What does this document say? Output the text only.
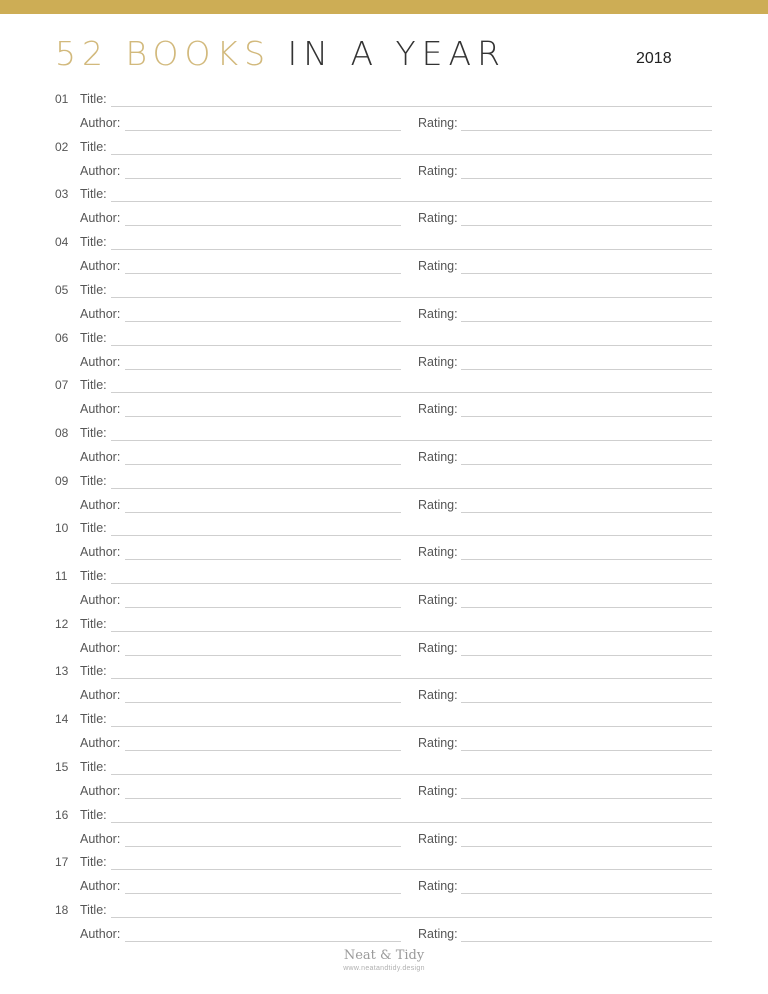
52 BOOKS IN A YEAR	2018
01 Title:
Author:	Rating:
02 Title:
Author:	Rating:
03 Title:
Author:	Rating:
04 Title:
Author:	Rating:
05 Title:
Author:	Rating:
06 Title:
Author:	Rating:
07 Title:
Author:	Rating:
08 Title:
Author:	Rating:
09 Title:
Author:	Rating:
10 Title:
Author:	Rating:
11 Title:
Author:	Rating:
12 Title:
Author:	Rating:
13 Title:
Author:	Rating:
14 Title:
Author:	Rating:
15 Title:
Author:	Rating:
16 Title:
Author:	Rating:
17 Title:
Author:	Rating:
18 Title:
Author:	Rating:
Neat & Tidy
www.neatandtidy.design
